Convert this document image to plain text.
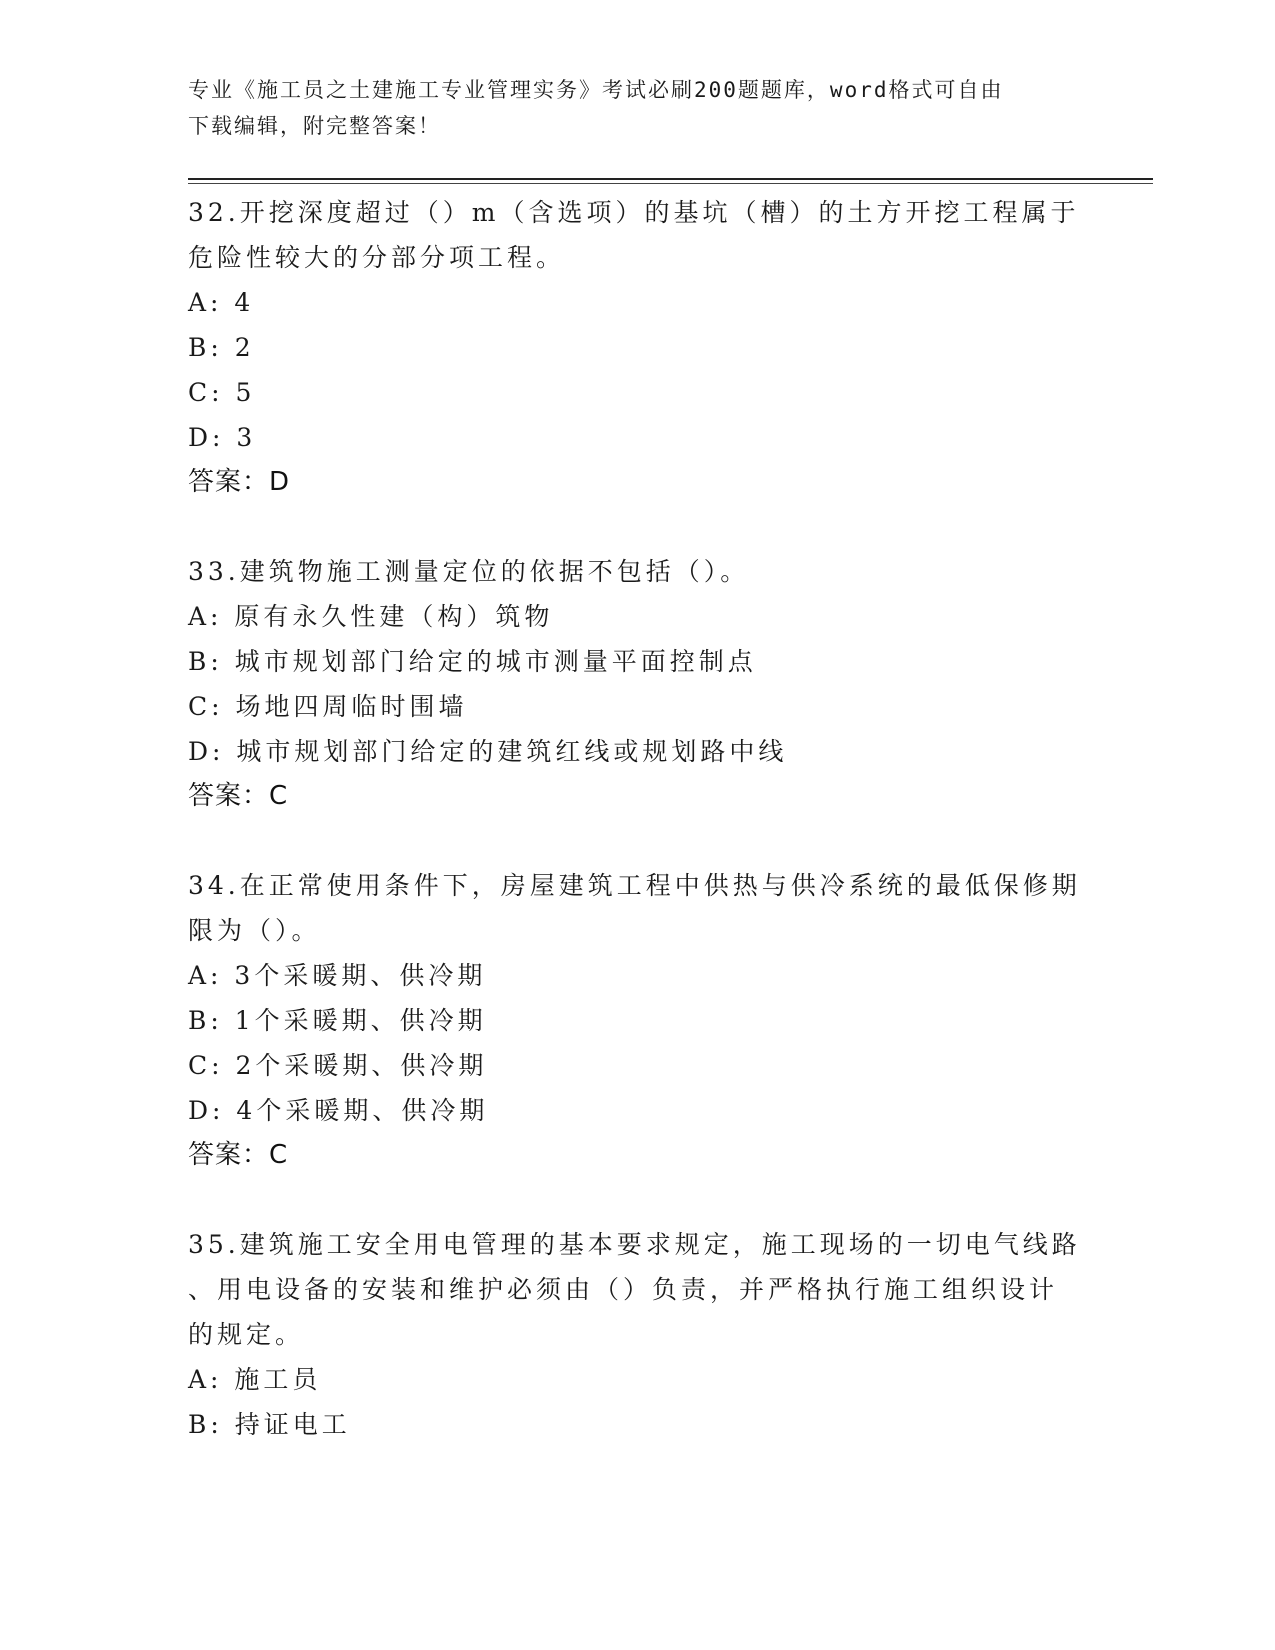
专业《施工员之土建施工专业管理实务》考试必刷200题题库，word格式可自由
下载编辑，附完整答案！

32.开挖深度超过（）m（含选项）的基坑（槽）的土方开挖工程属于

危险性较大的分部分项工程。

A: 4

B: 2

C: 5

D: 3

答案：D

33.建筑物施工测量定位的依据不包括（）。

A: 原有永久性建（构）筑物

B: 城市规划部门给定的城市测量平面控制点

C: 场地四周临时围墙

D: 城市规划部门给定的建筑红线或规划路中线

答案：C

34.在正常使用条件下，房屋建筑工程中供热与供冷系统的最低保修期

限为（）。

A: 3个采暖期、供冷期

B: 1个采暖期、供冷期

C: 2个采暖期、供冷期

D: 4个采暖期、供冷期

答案：C

35.建筑施工安全用电管理的基本要求规定，施工现场的一切电气线路

、用电设备的安装和维护必须由（）负责，并严格执行施工组织设计

的规定。

A: 施工员

B: 持证电工
